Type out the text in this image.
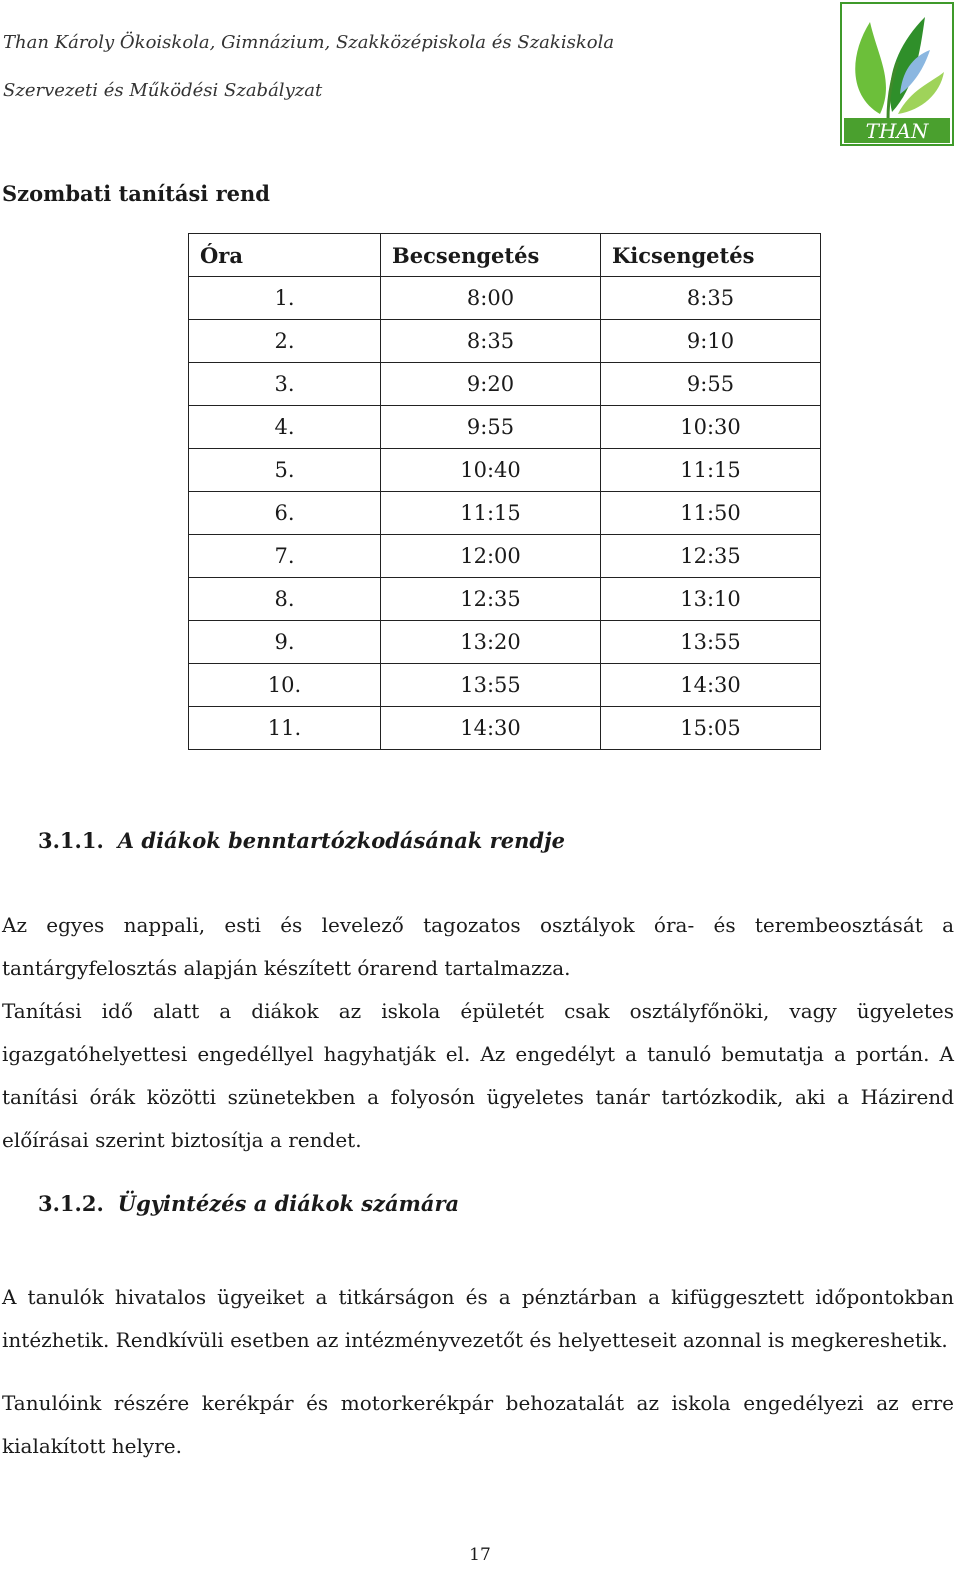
Than Károly Ökoiskola, Gimnázium, Szakközépiskola és Szakiskola
Szervezeti és Működési Szabályzat
THAN
Szombati tanítási rend
Óra	Becsengetés	Kicsengetés
1.	8:00	8:35
2.	8:35	9:10
3.	9:20	9:55
4.	9:55	10:30
5.	10:40	11:15
6.	11:15	11:50
7.	12:00	12:35
8.	12:35	13:10
9.	13:20	13:55
10.	13:55	14:30
11.	14:30	15:05
3.1.1. A diákok benntartózkodásának rendje
Az egyes nappali, esti és levelező tagozatos osztályok óra- és terembeosztását a tantárgyfelosztás alapján készített órarend tartalmazza.
Tanítási idő alatt a diákok az iskola épületét csak osztályfőnöki, vagy ügyeletes igazgatóhelyettesi engedéllyel hagyhatják el. Az engedélyt a tanuló bemutatja a portán. A tanítási órák közötti szünetekben a folyosón ügyeletes tanár tartózkodik, aki a Házirend előírásai szerint biztosítja a rendet.
3.1.2. Ügyintézés a diákok számára
A tanulók hivatalos ügyeiket a titkárságon és a pénztárban a kifüggesztett időpontokban intézhetik. Rendkívüli esetben az intézményvezetőt és helyetteseit azonnal is megkereshetik.
Tanulóink részére kerékpár és motorkerékpár behozatalát az iskola engedélyezi az erre kialakított helyre.
17
